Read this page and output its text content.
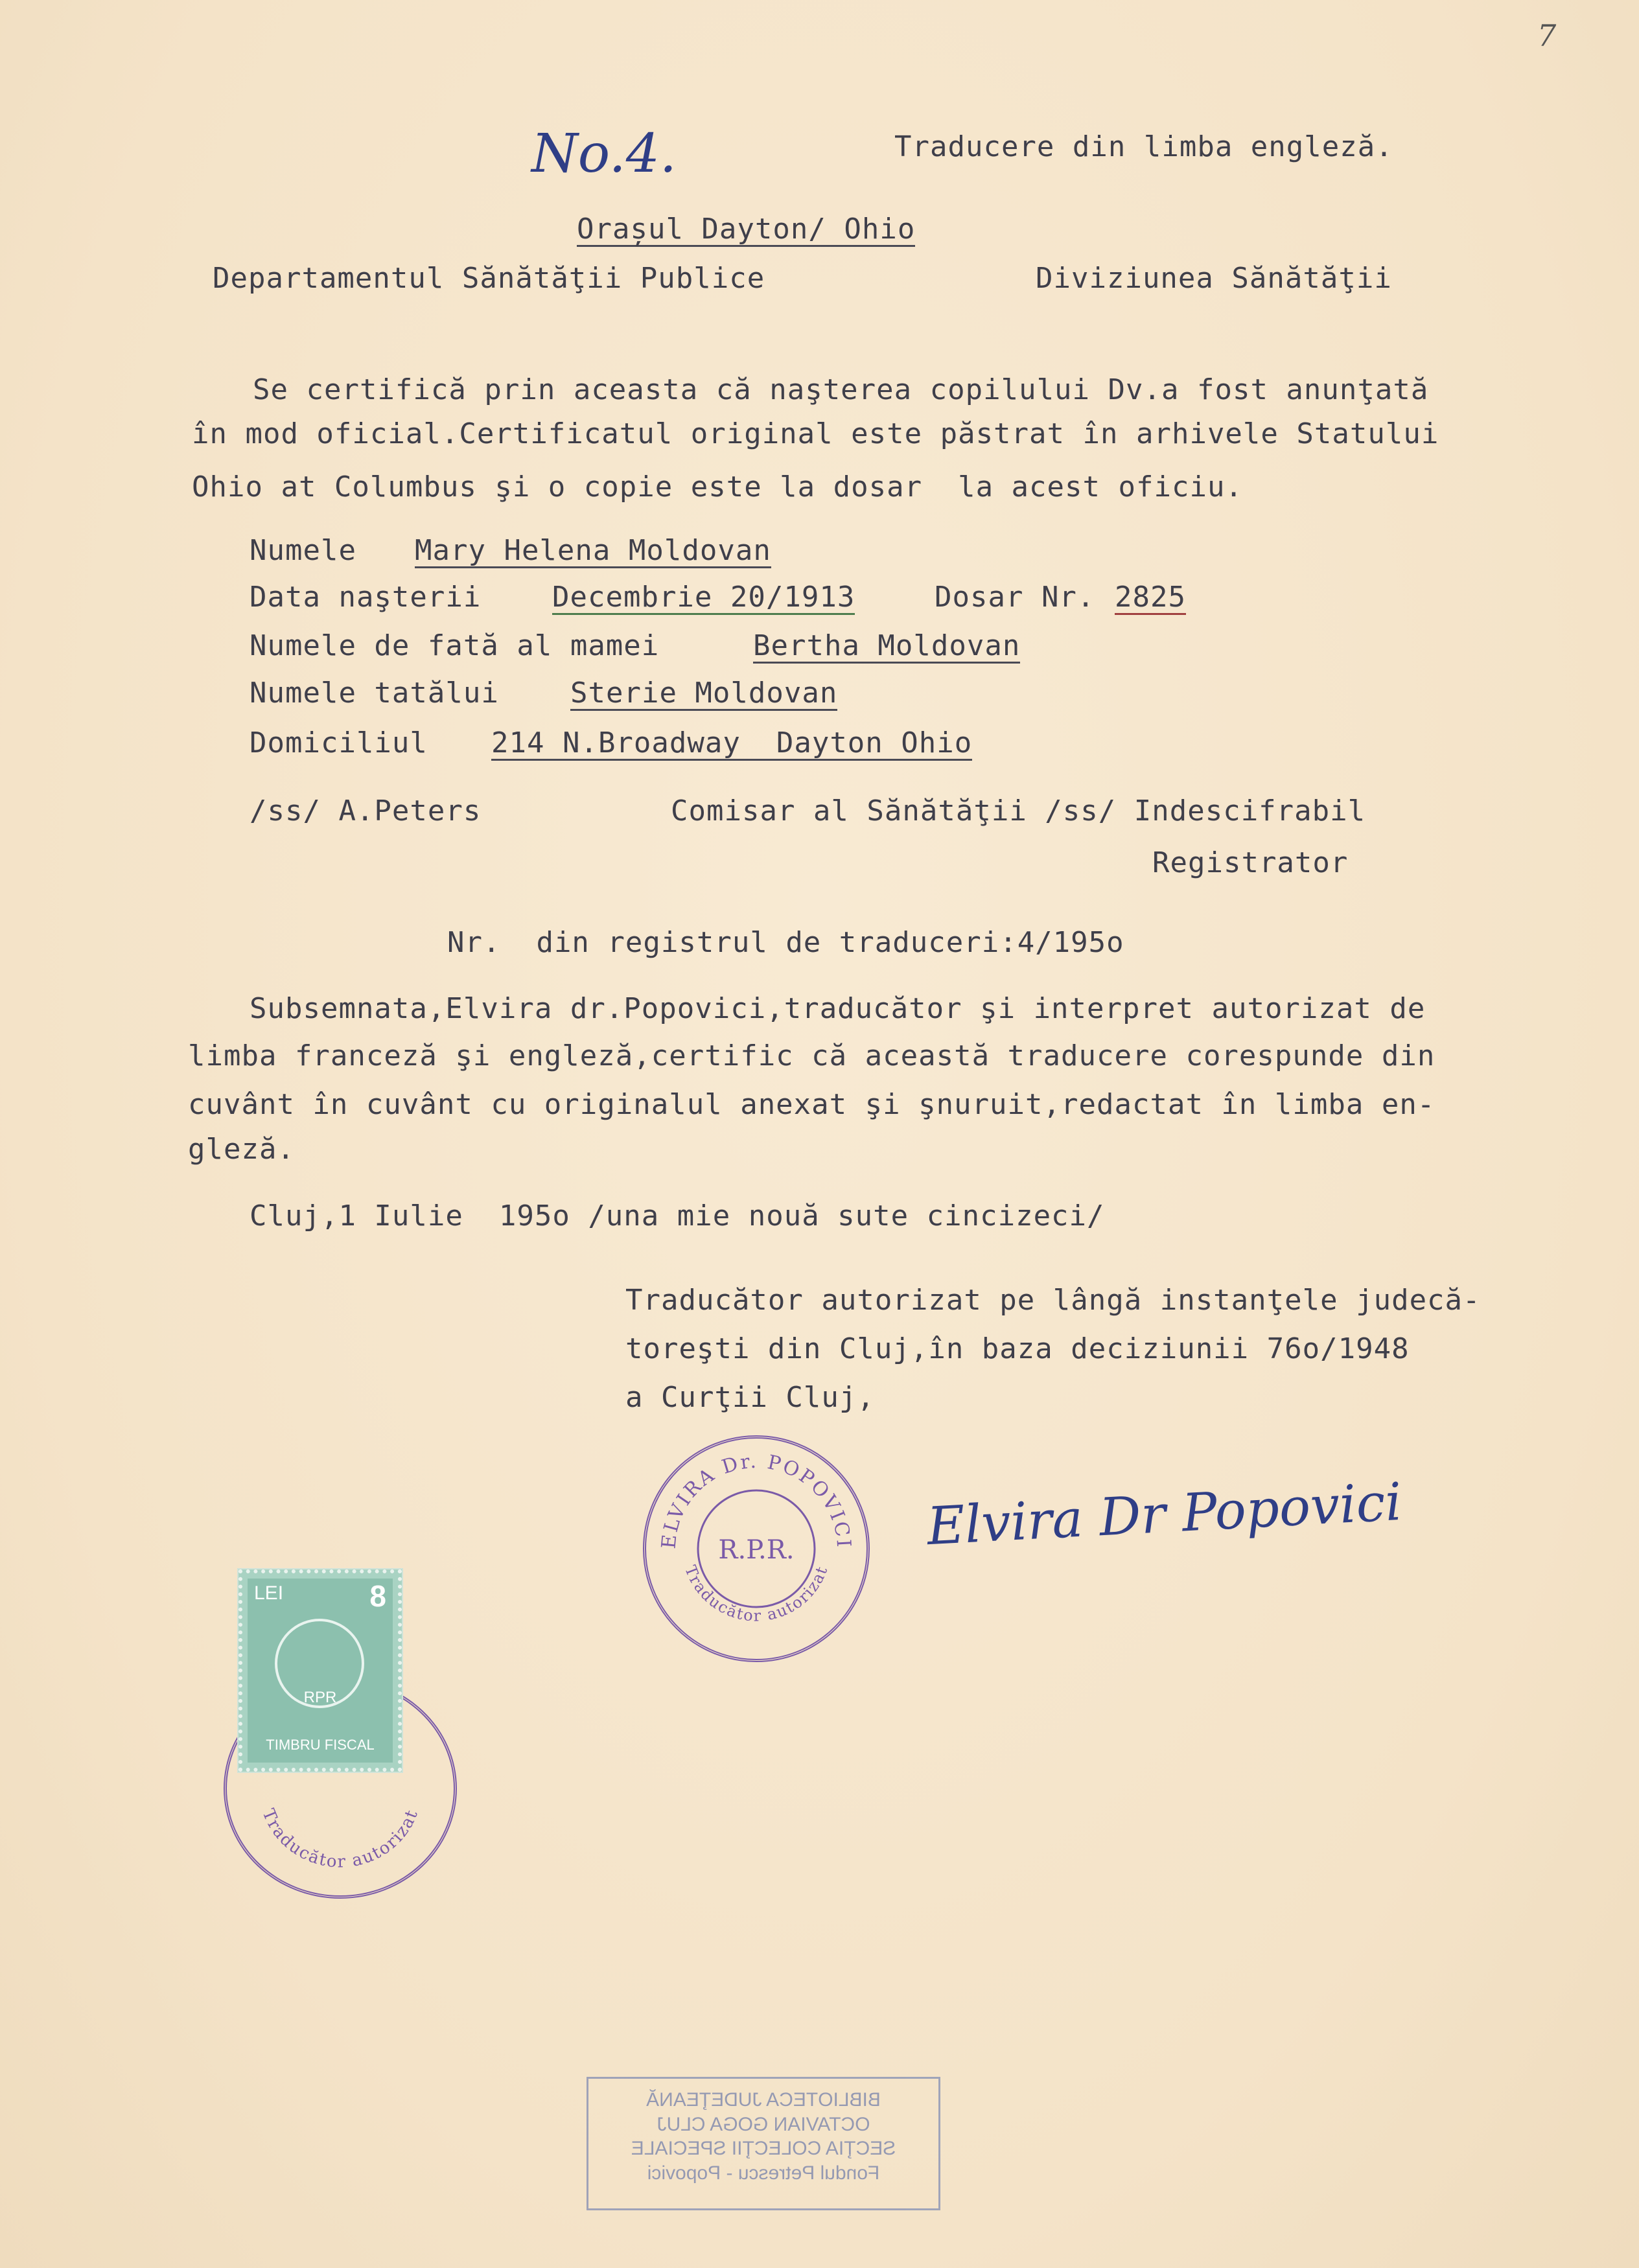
7
No.4.	Traducere din limba engleză.
Orașul Dayton/ Ohio
Departamentul Sănătăţii Publice	Diviziunea Sănătăţii
Se certifică prin aceasta că naşterea copilului Dv.a fost anunţată
în mod oficial.Certificatul original este păstrat în arhivele Statului
Ohio at Columbus şi o copie este la dosar  la acest oficiu.
Numele Mary Helena Moldovan
Data naşterii Decembrie 20/1913	Dosar Nr. 2825
Numele de fată al mamei	Bertha Moldovan
Numele tatălui	Sterie Moldovan
Domiciliul 214 N.Broadway  Dayton Ohio
/ss/ A.Peters	Comisar al Sănătăţii /ss/ Indescifrabil
Registrator
Nr.  din registrul de traduceri:4/195o
Subsemnata,Elvira dr.Popovici,traducător şi interpret autorizat de
limba franceză şi engleză,certific că această traducere corespunde din
cuvânt în cuvânt cu originalul anexat şi şnuruit,redactat în limba en-
gleză.
Cluj,1 Iulie  195o /una mie nouă sute cincizeci/
Traducător autorizat pe lângă instanţele judecă-
toreşti din Cluj,în baza deciziunii 76o/1948
a Curţii Cluj,
ELVIRA Dr. POPOVICI
R.P.R.
Traducător autorizat
Elvira Dr Popovici
Traducător autorizat
LEI	8
RPR
TIMBRU FISCAL
BIBLIOTECA JUDEŢEANĂ
OCTAVIAN GOGA CLUJ
SECŢIA COLECŢII SPECIALE
Fondul Petrescu - Popovici
